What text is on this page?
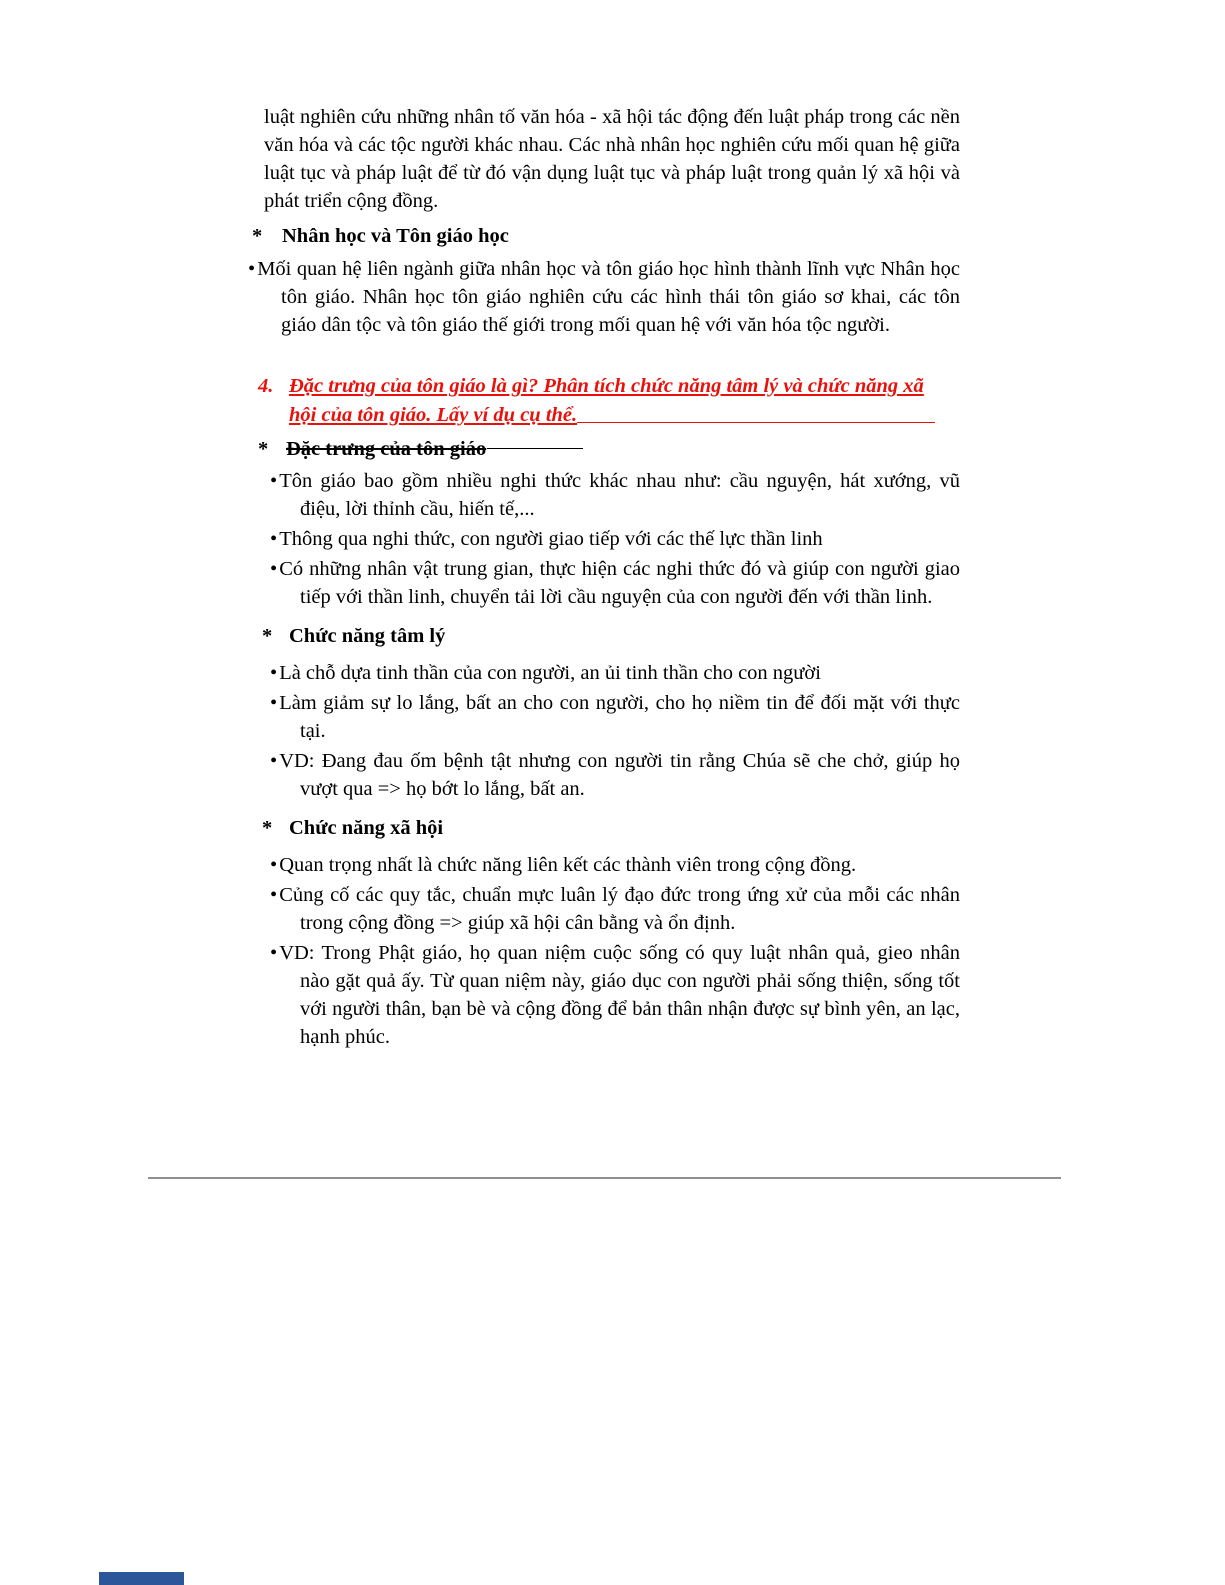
luật nghiên cứu những nhân tố văn hóa - xã hội tác động đến luật pháp trong các nền văn hóa và các tộc người khác nhau. Các nhà nhân học nghiên cứu mối quan hệ giữa luật tục và pháp luật để từ đó vận dụng luật tục và pháp luật trong quản lý xã hội và phát triển cộng đồng.

* Nhân học và Tôn giáo học

•Mối quan hệ liên ngành giữa nhân học và tôn giáo học hình thành lĩnh vực Nhân học tôn giáo. Nhân học tôn giáo nghiên cứu các hình thái tôn giáo sơ khai, các tôn giáo dân tộc và tôn giáo thế giới trong mối quan hệ với văn hóa tộc người.

4. Đặc trưng của tôn giáo là gì? Phân tích chức năng tâm lý và chức năng xã
hội của tôn giáo. Lấy ví dụ cụ thể.

* Đặc trưng của tôn giáo

•Tôn giáo bao gồm nhiều nghi thức khác nhau như: cầu nguyện, hát xướng, vũ điệu, lời thỉnh cầu, hiến tế,...

•Thông qua nghi thức, con người giao tiếp với các thế lực thần linh

•Có những nhân vật trung gian, thực hiện các nghi thức đó và giúp con người giao tiếp với thần linh, chuyển tải lời cầu nguyện của con người đến với thần linh.

* Chức năng tâm lý

•Là chỗ dựa tinh thần của con người, an ủi tinh thần cho con người

•Làm giảm sự lo lắng, bất an cho con người, cho họ niềm tin để đối mặt với thực tại.

•VD: Đang đau ốm bệnh tật nhưng con người tin rằng Chúa sẽ che chở, giúp họ vượt qua => họ bớt lo lắng, bất an.

* Chức năng xã hội

•Quan trọng nhất là chức năng liên kết các thành viên trong cộng đồng.

•Củng cố các quy tắc, chuẩn mực luân lý đạo đức trong ứng xử của mỗi các nhân trong cộng đồng => giúp xã hội cân bằng và ổn định.

•VD: Trong Phật giáo, họ quan niệm cuộc sống có quy luật nhân quả, gieo nhân nào gặt quả ấy. Từ quan niệm này, giáo dục con người phải sống thiện, sống tốt với người thân, bạn bè và cộng đồng để bản thân nhận được sự bình yên, an lạc, hạnh phúc.
